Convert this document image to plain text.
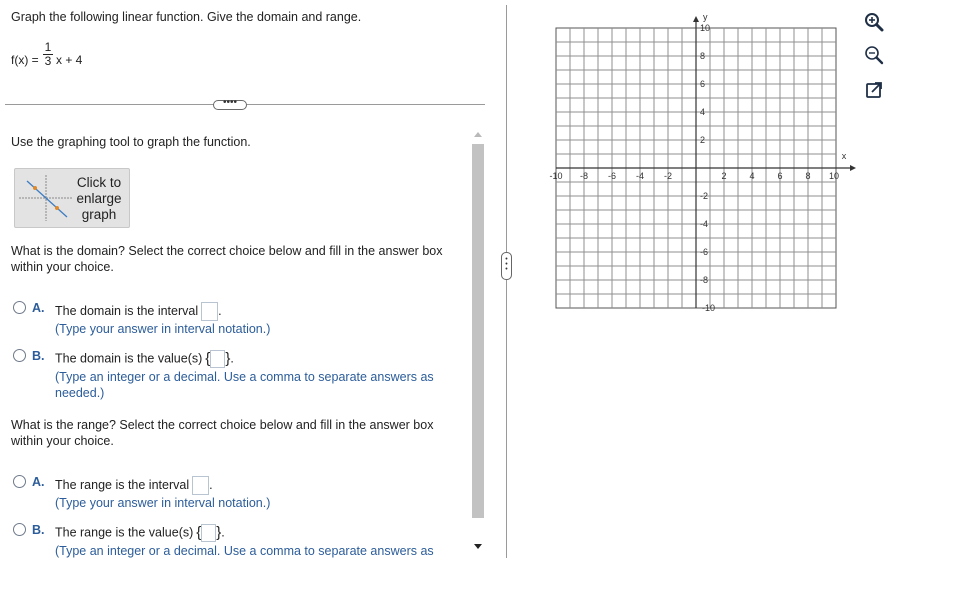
Graph the following linear function. Give the domain and range.
f(x) =
1
3 x + 4
••••
Use the graphing tool to graph the function.
Click to enlarge graph
What is the domain? Select the correct choice below and fill in the answer box within your choice.
A. The domain is the interval .
(Type your answer in interval notation.)
B. The domain is the value(s) { }.
(Type an integer or a decimal. Use a comma to separate answers as needed.)
What is the range? Select the correct choice below and fill in the answer box within your choice.
A. The range is the interval .
(Type your answer in interval notation.)
B. The range is the value(s) { }.
(Type an integer or a decimal. Use a comma to separate answers as
•
•
•
x
y
-10 -8 -6 -4 -2	2	4	6	8 10
10
8
6
4
2
-2
-4
-6
-8
-10
